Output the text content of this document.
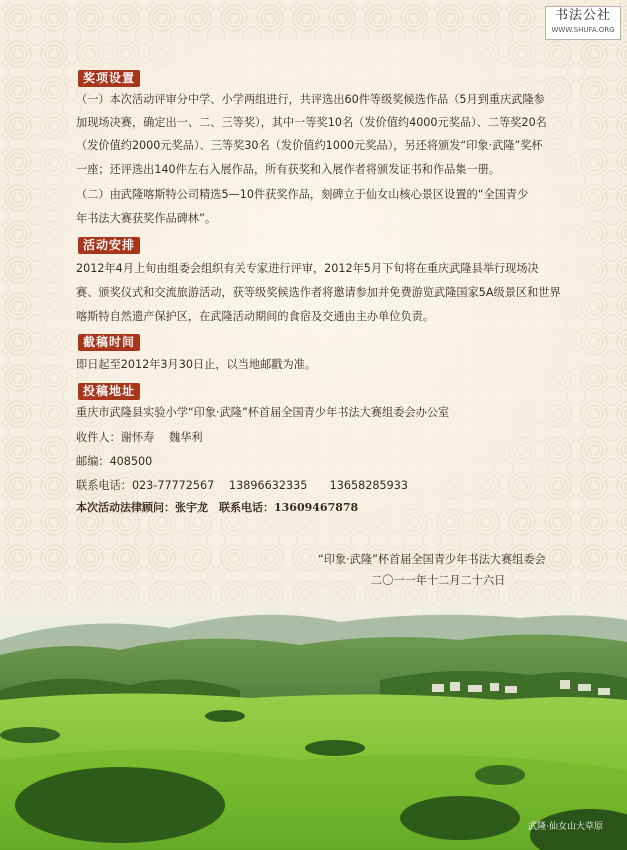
书法公社
WWW.SHUFA.ORG
奖项设置
（一）本次活动评审分中学、小学两组进行，共评选出60件等级奖候选作品（5月到重庆武隆参
加现场决赛，确定出一、二、三等奖），其中一等奖10名（发价值约4000元奖品）、二等奖20名
（发价值约2000元奖品）、三等奖30名（发价值约1000元奖品），另还将颁发“印象·武隆”奖杯
一座；还评选出140件左右入展作品，所有获奖和入展作者将颁发证书和作品集一册。
（二）由武隆喀斯特公司精选5—10件获奖作品，刻碑立于仙女山核心景区设置的“全国青少
年书法大赛获奖作品碑林”。
活动安排
2012年4月上旬由组委会组织有关专家进行评审，2012年5月下旬将在重庆武隆县举行现场决
赛、颁奖仪式和交流旅游活动，获等级奖候选作者将邀请参加并免费游览武隆国家5A级景区和世界
喀斯特自然遗产保护区，在武隆活动期间的食宿及交通由主办单位负责。
截稿时间
即日起至2012年3月30日止，以当地邮戳为准。
投稿地址
重庆市武隆县实验小学“印象·武隆”杯首届全国青少年书法大赛组委会办公室
收件人：谢怀寿　 魏华利
邮编：408500
联系电话：023-77772567　 13896632335　　13658285933
本次活动法律顾问：张宇龙　联系电话：13609467878
“印象·武隆”杯首届全国青少年书法大赛组委会
二〇一一年十二月二十六日
武隆·仙女山大草原
